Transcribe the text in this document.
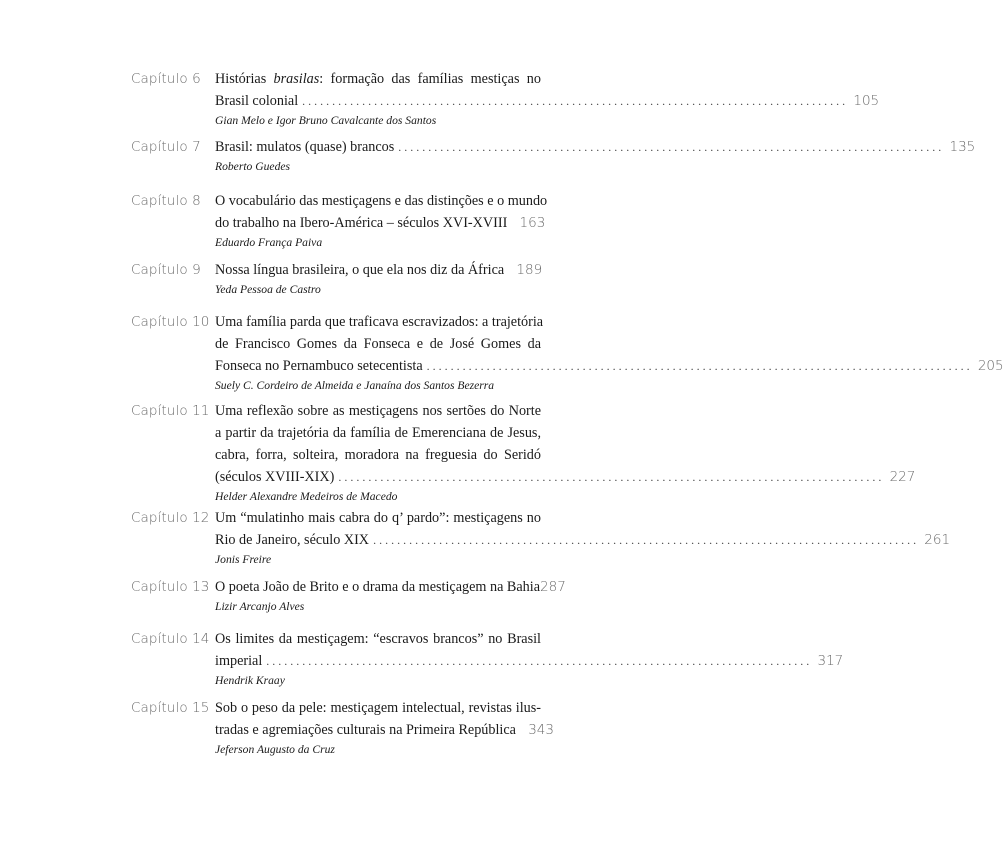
Capítulo 6 Histórias brasilas: formação das famílias mestiças no
Brasil colonial . . .	105
Gian Melo e Igor Bruno Cavalcante dos Santos
Capítulo 7 Brasil: mulatos (quase) brancos . . .	135
Roberto Guedes
Capítulo 8 O vocabulário das mestiçagens e das distinções e o mundo
do trabalho na Ibero-América – séculos XVI-XVIII 163
Eduardo França Paiva
Capítulo 9 Nossa língua brasileira, o que ela nos diz da África 189
Yeda Pessoa de Castro
Capítulo 10 Uma família parda que traficava escravizados: a trajetória
de Francisco Gomes da Fonseca e de José Gomes da
Fonseca no Pernambuco setecentista . . .	205
Suely C. Cordeiro de Almeida e Janaína dos Santos Bezerra
Capítulo 11 Uma reflexão sobre as mestiçagens nos sertões do Norte
a partir da trajetória da família de Emerenciana de Jesus,
cabra, forra, solteira, moradora na freguesia do Seridó
(séculos XVIII-XIX) . . .	227
Helder Alexandre Medeiros de Macedo
Capítulo 12 Um “mulatinho mais cabra do q’ pardo”: mestiçagens no
Rio de Janeiro, século XIX . . .	261
Jonis Freire
Capítulo 13 O poeta João de Brito e o drama da mestiçagem na Bahia 287
Lizir Arcanjo Alves
Capítulo 14 Os limites da mestiçagem: “escravos brancos” no Brasil
imperial . . .	317
Hendrik Kraay
Capítulo 15 Sob o peso da pele: mestiçagem intelectual, revistas ilus-
tradas e agremiações culturais na Primeira República 343
Jeferson Augusto da Cruz
